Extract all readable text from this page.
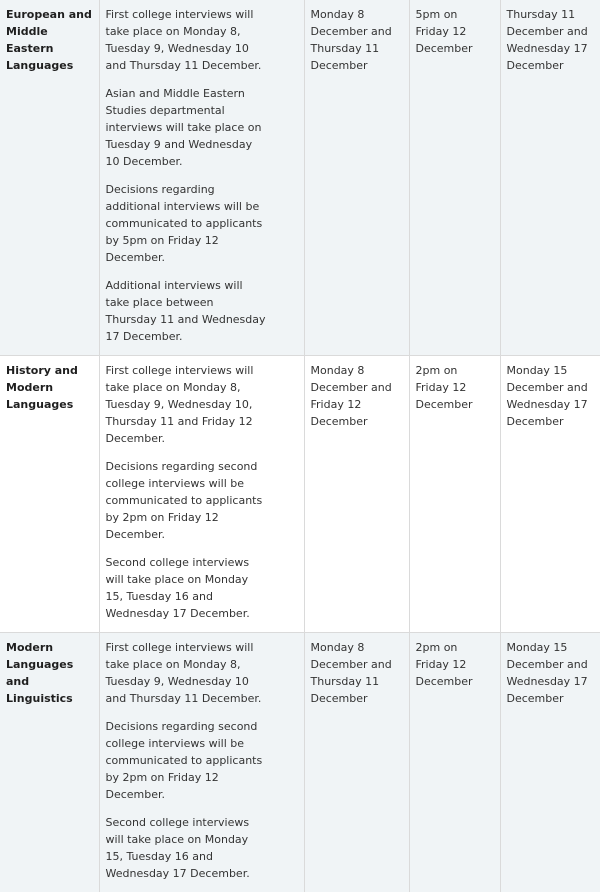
European and Middle Eastern Languages	First college interviews will take place on Monday 8, Tuesday 9, Wednesday 10 and Thursday 11 December.

Asian and Middle Eastern Studies departmental interviews will take place on Tuesday 9 and Wednesday 10 December.

Decisions regarding additional interviews will be communicated to applicants by 5pm on Friday 12 December.

Additional interviews will take place between Thursday 11 and Wednesday 17 December.	Monday 8 December and Thursday 11 December	5pm on Friday 12 December	Thursday 11 December and Wednesday 17 December
History and Modern Languages	First college interviews will take place on Monday 8, Tuesday 9, Wednesday 10, Thursday 11 and Friday 12 December.

Decisions regarding second college interviews will be communicated to applicants by 2pm on Friday 12 December.

Second college interviews will take place on Monday 15, Tuesday 16 and Wednesday 17 December.	Monday 8 December and Friday 12 December	2pm on Friday 12 December	Monday 15 December and Wednesday 17 December
Modern Languages and Linguistics	First college interviews will take place on Monday 8, Tuesday 9, Wednesday 10 and Thursday 11 December.

Decisions regarding second college interviews will be communicated to applicants by 2pm on Friday 12 December.

Second college interviews will take place on Monday 15, Tuesday 16 and Wednesday 17 December.	Monday 8 December and Thursday 11 December	2pm on Friday 12 December	Monday 15 December and Wednesday 17 December
